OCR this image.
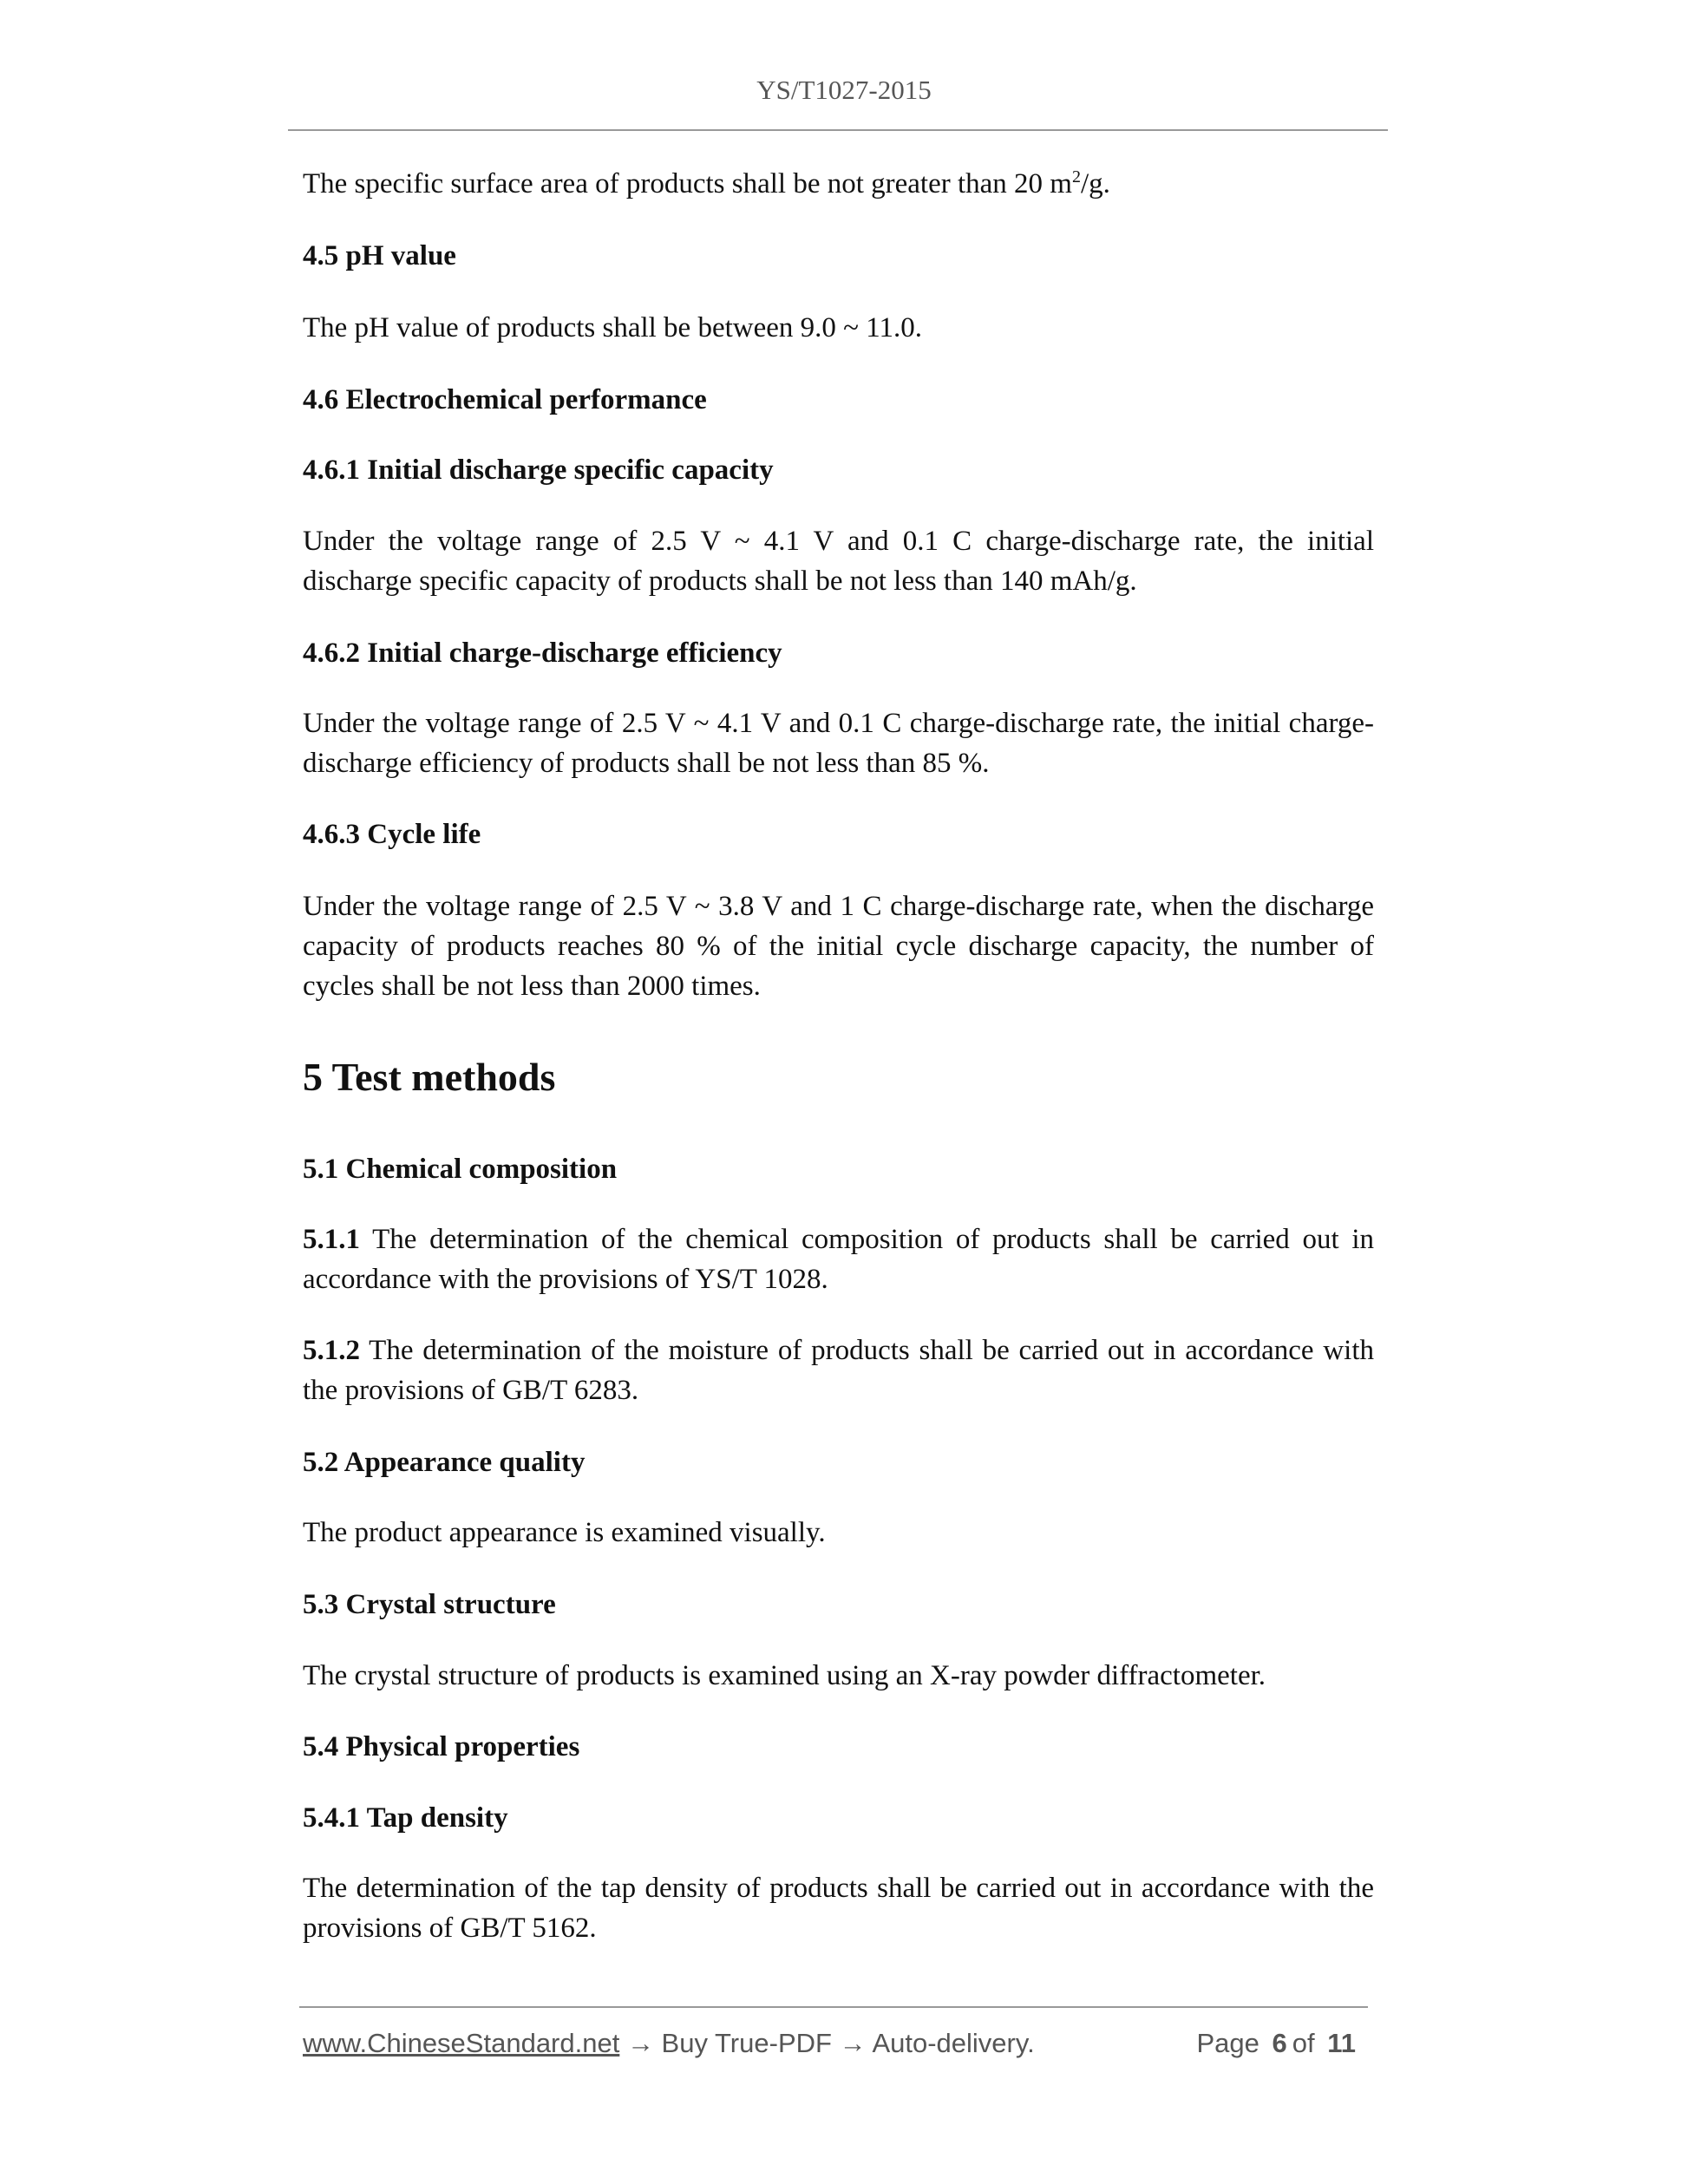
YS/T1027-2015
The specific surface area of products shall be not greater than 20 $m^2/g$.
4.5 pH value
The pH value of products shall be between 9.0 ~ 11.0.
4.6 Electrochemical performance
4.6.1 Initial discharge specific capacity
Under the voltage range of 2.5 V ~ 4.1 V and 0.1 C charge-discharge rate, the initial discharge specific capacity of products shall be not less than 140 mAh/g.
4.6.2 Initial charge-discharge efficiency
Under the voltage range of 2.5 V ~ 4.1 V and 0.1 C charge-discharge rate, the initial charge-discharge efficiency of products shall be not less than 85 %.
4.6.3 Cycle life
Under the voltage range of 2.5 V ~ 3.8 V and 1 C charge-discharge rate, when the discharge capacity of products reaches 80 % of the initial cycle discharge capacity, the number of cycles shall be not less than 2000 times.
5 Test methods
5.1 Chemical composition
5.1.1 The determination of the chemical composition of products shall be carried out in accordance with the provisions of YS/T 1028.
5.1.2 The determination of the moisture of products shall be carried out in accordance with the provisions of GB/T 6283.
5.2 Appearance quality
The product appearance is examined visually.
5.3 Crystal structure
The crystal structure of products is examined using an X-ray powder diffractometer.
5.4 Physical properties
5.4.1 Tap density
The determination of the tap density of products shall be carried out in accordance with the provisions of GB/T 5162.
www.ChineseStandard.net → Buy True-PDF → Auto-delivery.	Page 6 of 11
